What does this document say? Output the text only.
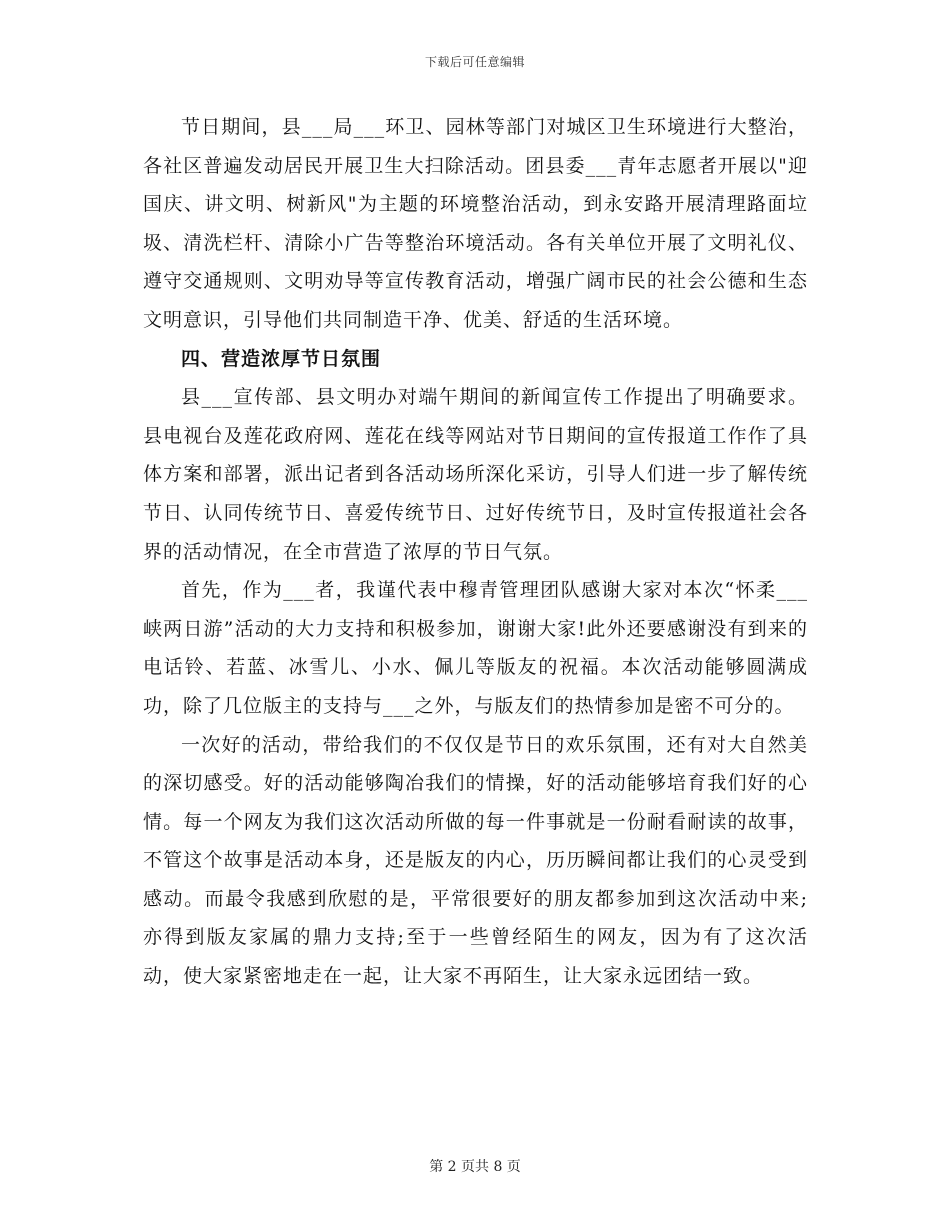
下载后可任意编辑

节日期间，县___局___环卫、园林等部门对城区卫生环境进行大整治，各社区普遍发动居民开展卫生大扫除活动。团县委___青年志愿者开展以"迎国庆、讲文明、树新风"为主题的环境整治活动，到永安路开展清理路面垃圾、清洗栏杆、清除小广告等整治环境活动。各有关单位开展了文明礼仪、遵守交通规则、文明劝导等宣传教育活动，增强广阔市民的社会公德和生态文明意识，引导他们共同制造干净、优美、舒适的生活环境。

四、营造浓厚节日氛围

县___宣传部、县文明办对端午期间的新闻宣传工作提出了明确要求。县电视台及莲花政府网、莲花在线等网站对节日期间的宣传报道工作作了具体方案和部署，派出记者到各活动场所深化采访，引导人们进一步了解传统节日、认同传统节日、喜爱传统节日、过好传统节日，及时宣传报道社会各界的活动情况，在全市营造了浓厚的节日气氛。

首先，作为___者，我谨代表中穆青管理团队感谢大家对本次“怀柔___峡两日游”活动的大力支持和积极参加，谢谢大家!此外还要感谢没有到来的电话铃、若蓝、冰雪儿、小水、佩儿等版友的祝福。本次活动能够圆满成功，除了几位版主的支持与___之外，与版友们的热情参加是密不可分的。

一次好的活动，带给我们的不仅仅是节日的欢乐氛围，还有对大自然美的深切感受。好的活动能够陶冶我们的情操，好的活动能够培育我们好的心情。每一个网友为我们这次活动所做的每一件事就是一份耐看耐读的故事，不管这个故事是活动本身，还是版友的内心，历历瞬间都让我们的心灵受到感动。而最令我感到欣慰的是，平常很要好的朋友都参加到这次活动中来;亦得到版友家属的鼎力支持;至于一些曾经陌生的网友，因为有了这次活动，使大家紧密地走在一起，让大家不再陌生，让大家永远团结一致。

第 2 页共 8 页
